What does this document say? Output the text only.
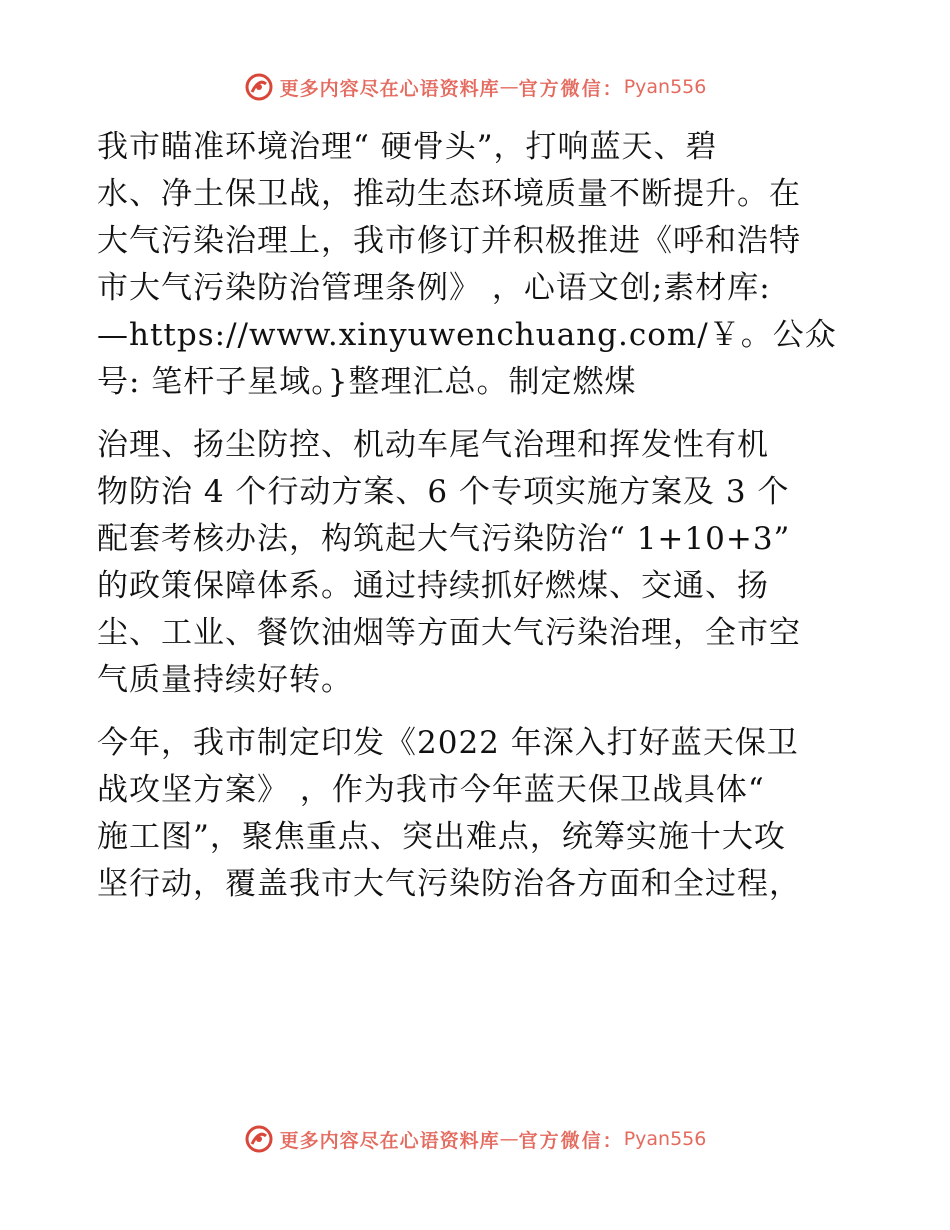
更多内容尽在心语资料库 — 官方微信： Pyan556
我市瞄准环境治理“ 硬骨头”，打响蓝天、碧
水、净土保卫战，推动生态环境质量不断提升。在
大气污染治理上，我市修订并积极推进《呼和浩特
市大气污染防治管理条例》 ，心语文创;素材库:
—https://www.xinyuwenchuang.com/￥。公众
号: 笔杆子星域。}整理汇总。制定燃煤
治理、扬尘防控、机动车尾气治理和挥发性有机
物防治 4 个行动方案、6 个专项实施方案及 3 个
配套考核办法，构筑起大气污染防治“ 1+10+3”
的政策保障体系。通过持续抓好燃煤、交通、扬
尘、工业、餐饮油烟等方面大气污染治理，全市空
气质量持续好转。
今年，我市制定印发《2022 年深入打好蓝天保卫
战攻坚方案》 ，作为我市今年蓝天保卫战具体“
施工图”，聚焦重点、突出难点，统筹实施十大攻
坚行动，覆盖我市大气污染防治各方面和全过程，
更多内容尽在心语资料库 — 官方微信： Pyan556
